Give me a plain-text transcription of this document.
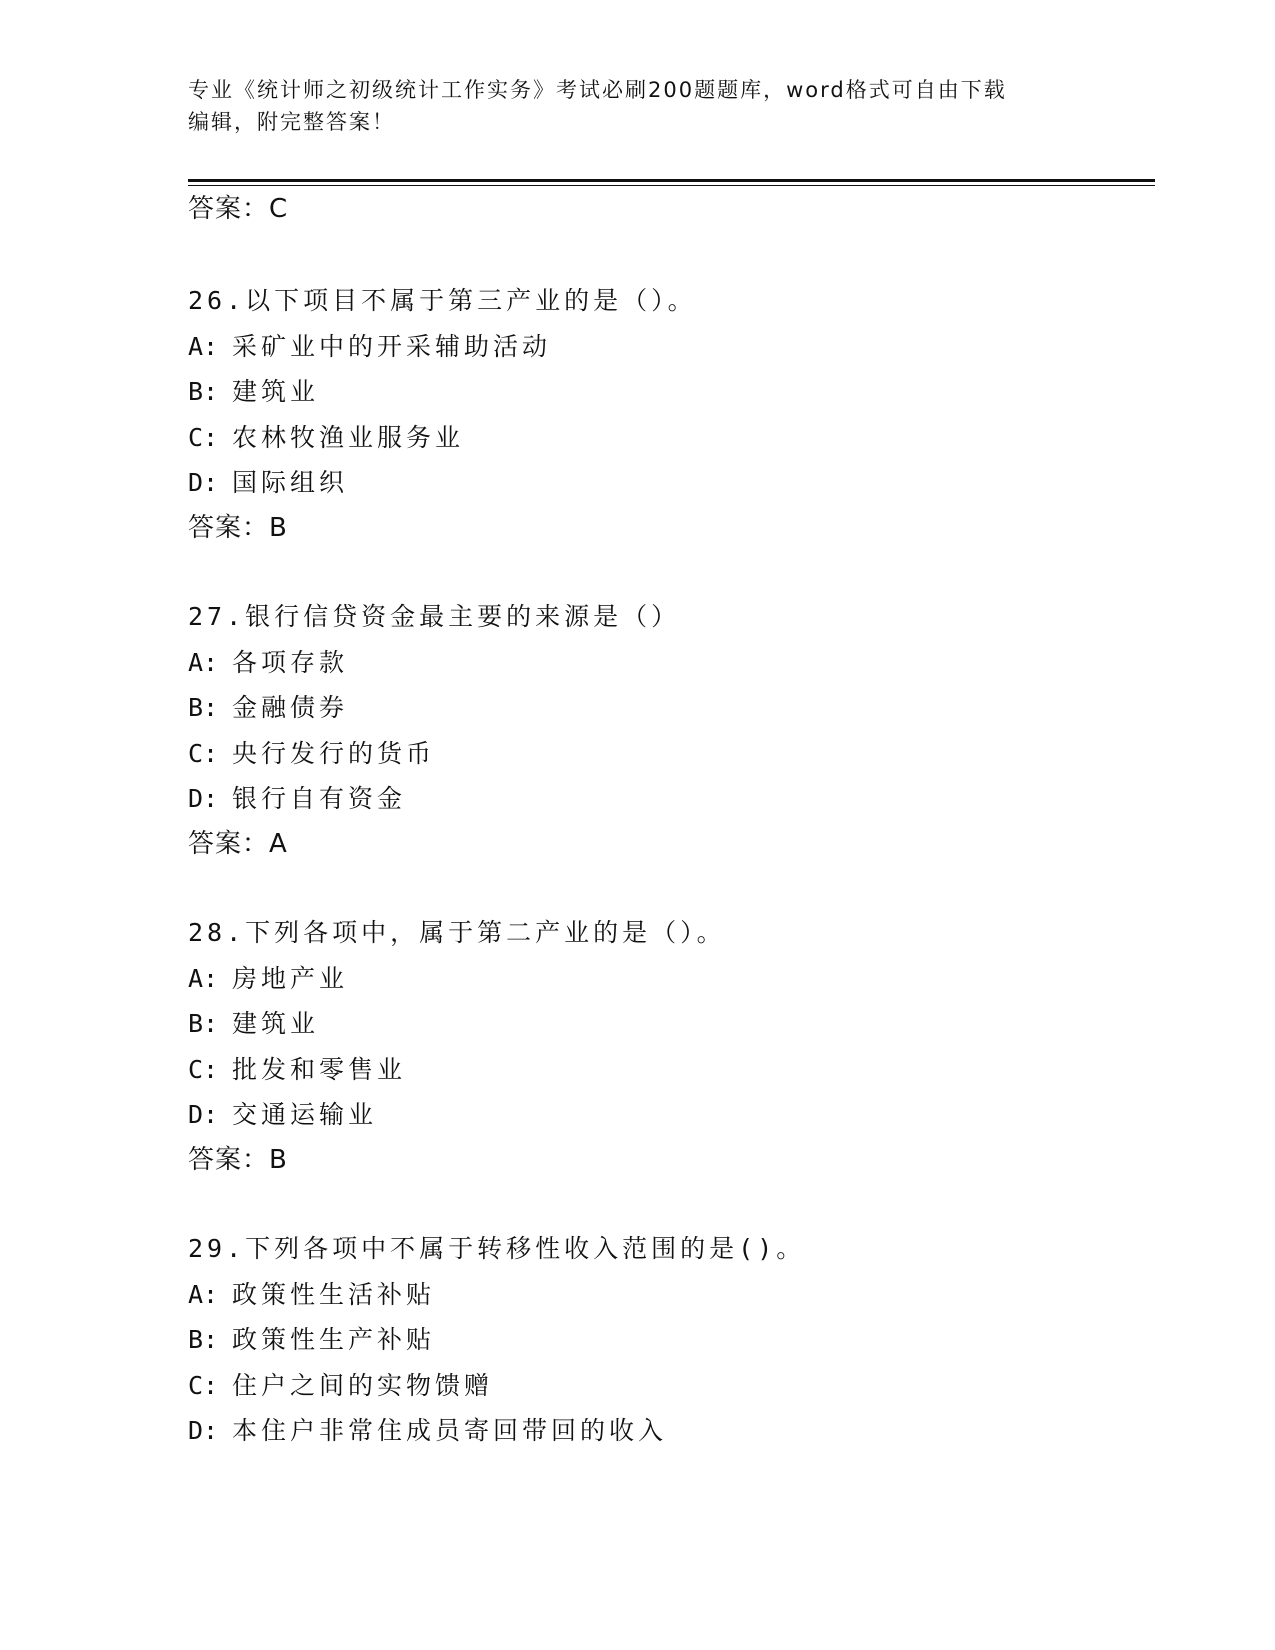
专业《统计师之初级统计工作实务》考试必刷200题题库，word格式可自由下载
编辑，附完整答案！
答案：C
26.以下项目不属于第三产业的是（）。
A: 采矿业中的开采辅助活动
B: 建筑业
C: 农林牧渔业服务业
D: 国际组织
答案：B
27.银行信贷资金最主要的来源是（）
A: 各项存款
B: 金融债券
C: 央行发行的货币
D: 银行自有资金
答案：A
28.下列各项中，属于第二产业的是（）。
A: 房地产业
B: 建筑业
C: 批发和零售业
D: 交通运输业
答案：B
29.下列各项中不属于转移性收入范围的是()。
A: 政策性生活补贴
B: 政策性生产补贴
C: 住户之间的实物馈赠
D: 本住户非常住成员寄回带回的收入
